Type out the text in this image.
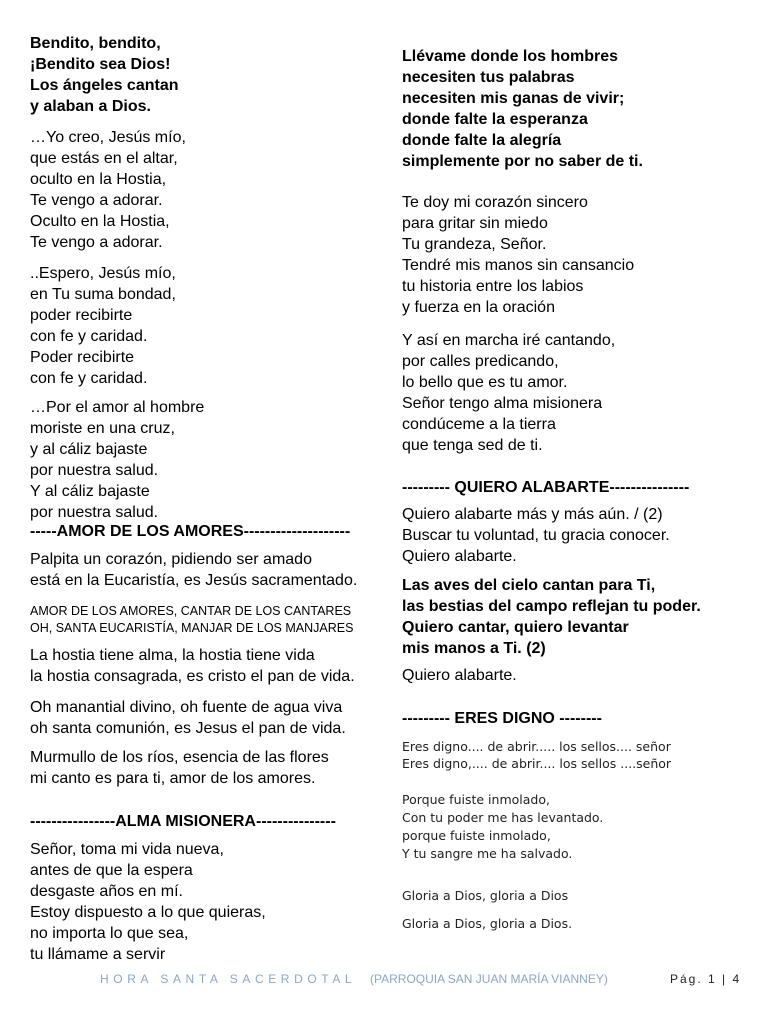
Bendito, bendito,
¡Bendito sea Dios!
Los ángeles cantan
y alaban a Dios.
…Yo creo, Jesús mío,
que estás en el altar,
oculto en la Hostia,
Te vengo a adorar.
Oculto en la Hostia,
Te vengo a adorar.
..Espero, Jesús mío,
en Tu suma bondad,
poder recibirte
con fe y caridad.
Poder recibirte
con fe y caridad.
…Por el amor al hombre
moriste en una cruz,
y al cáliz bajaste
por nuestra salud.
Y al cáliz bajaste
por nuestra salud.
-----AMOR DE LOS AMORES--------------------
Palpita un corazón, pidiendo ser amado
está en la Eucaristía, es Jesús sacramentado.
AMOR DE LOS AMORES, CANTAR DE LOS CANTARES
OH, SANTA EUCARISTÍA, MANJAR DE LOS MANJARES
La hostia tiene alma, la hostia tiene vida
la hostia consagrada, es cristo el pan de vida.
Oh manantial divino, oh fuente de agua viva
oh santa comunión, es Jesus el pan de vida.
Murmullo de los ríos, esencia de las flores
mi canto es para ti, amor de los amores.
----------------ALMA MISIONERA---------------
Señor, toma mi vida nueva,
antes de que la espera
desgaste años en mí.
Estoy dispuesto a lo que quieras,
no importa lo que sea,
tu llámame a servir
Llévame donde los hombres
necesiten tus palabras
necesiten mis ganas de vivir;
donde falte la esperanza
donde falte la alegría
simplemente por no saber de ti.
Te doy mi corazón sincero
para gritar sin miedo
Tu grandeza, Señor.
Tendré mis manos sin cansancio
tu historia entre los labios
y fuerza en la oración
Y así en marcha iré cantando,
por calles predicando,
lo bello que es tu amor.
Señor tengo alma misionera
condúceme a la tierra
que tenga sed de ti.
--------- QUIERO ALABARTE---------------
Quiero alabarte más y más aún. / (2)
Buscar tu voluntad, tu gracia conocer.
Quiero alabarte.
Las aves del cielo cantan para Ti,
las bestias del campo reflejan tu poder.
Quiero cantar, quiero levantar
mis manos a Ti. (2)
Quiero alabarte.
--------- ERES DIGNO --------
Eres digno.... de abrir..... los sellos.... señor
Eres digno,.... de abrir.... los sellos ....señor
Porque fuiste inmolado,
Con tu poder me has levantado.
porque fuiste inmolado,
Y tu sangre me ha salvado.
Gloria a Dios, gloria a Dios
Gloria a Dios, gloria a Dios.
HORA SANTA SACERDOTAL (PARROQUIA SAN JUAN MARÍA VIANNEY)	Pág. 1 | 4
